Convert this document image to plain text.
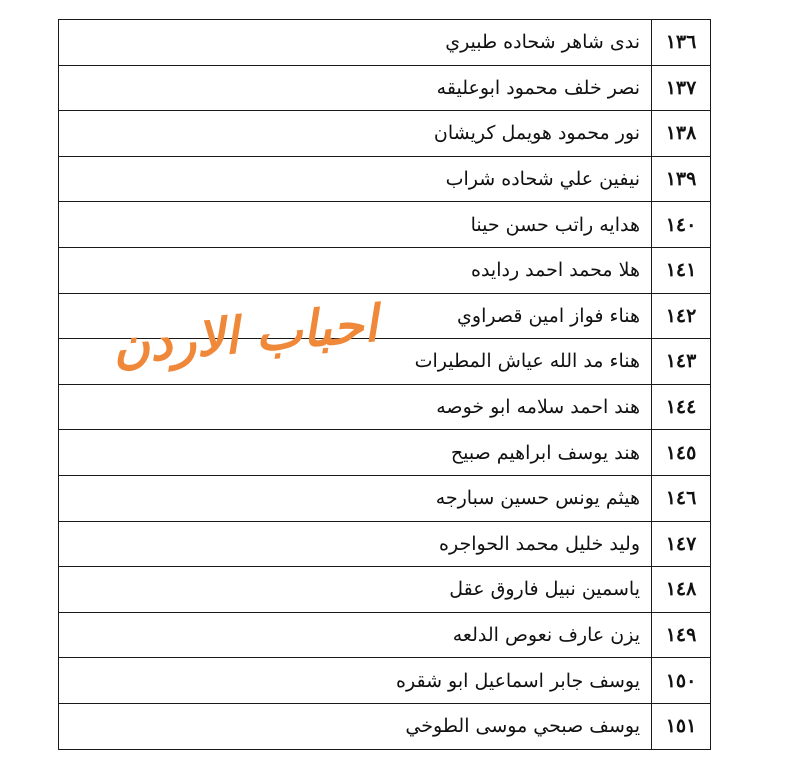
١٣٦	ندى شاهر شحاده طبيري
١٣٧	نصر خلف محمود ابوعليقه
١٣٨	نور محمود هويمل كريشان
١٣٩	نيفين علي شحاده شراب
١٤٠	هدايه راتب حسن حينا
١٤١	هلا محمد احمد ردايده
١٤٢	هناء فواز امين قصراوي
١٤٣	هناء مد الله عياش المطيرات
١٤٤	هند احمد سلامه ابو خوصه
١٤٥	هند يوسف ابراهيم صبيح
١٤٦	هيثم يونس حسين سبارجه
١٤٧	وليد خليل محمد الحواجره
١٤٨	ياسمين نبيل فاروق عقل
١٤٩	يزن عارف نعوص الدلعه
١٥٠	يوسف جابر اسماعيل ابو شقره
١٥١	يوسف صبحي موسى الطوخي
احباب الاردن
